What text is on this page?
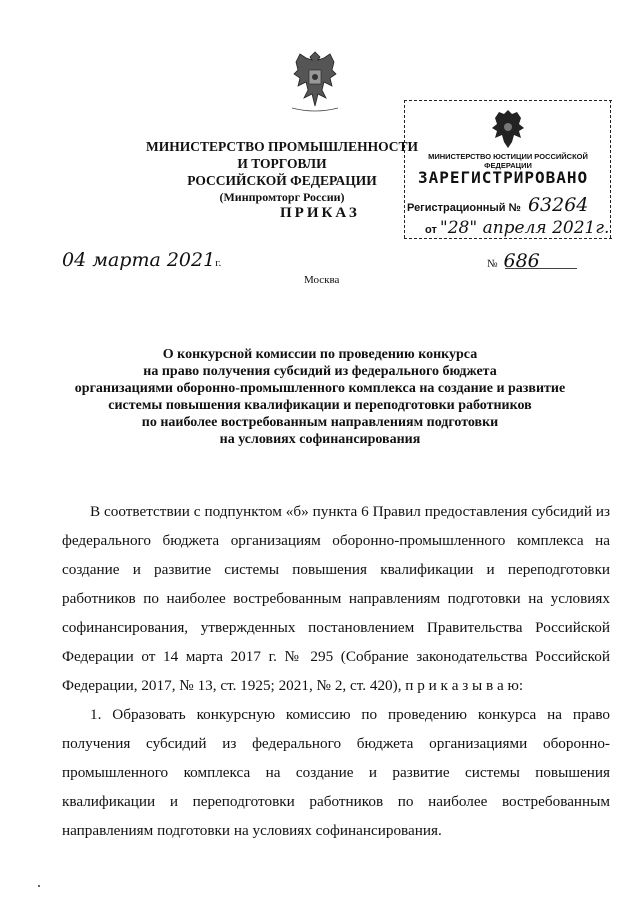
МИНИСТЕРСТВО ПРОМЫШЛЕННОСТИ И ТОРГОВЛИ
РОССИЙСКОЙ ФЕДЕРАЦИИ
(Минпромторг России)
ПРИКАЗ
МИНИСТЕРСТВО ЮСТИЦИИ РОССИЙСКОЙ ФЕДЕРАЦИИ
ЗАРЕГИСТРИРОВАНО
Регистрационный № 63264
от "28" апреля 2021г.
04 марта 2021г.	№ 686
Москва
О конкурсной комиссии по проведению конкурса
на право получения субсидий из федерального бюджета
организациями оборонно-промышленного комплекса на создание и развитие
системы повышения квалификации и переподготовки работников
по наиболее востребованным направлениям подготовки
на условиях софинансирования

В соответствии с подпунктом «б» пункта 6 Правил предоставления субсидий из федерального бюджета организациям оборонно-промышленного комплекса на создание и развитие системы повышения квалификации и переподготовки работников по наиболее востребованным направлениям подготовки на условиях софинансирования, утвержденных постановлением Правительства Российской Федерации от 14 марта 2017 г. № 295 (Собрание законодательства Российской Федерации, 2017, № 13, ст. 1925; 2021, № 2, ст. 420), п р и к а з ы в а ю:

1. Образовать конкурсную комиссию по проведению конкурса на право получения субсидий из федерального бюджета организациями оборонно-промышленного комплекса на создание и развитие системы повышения квалификации и переподготовки работников по наиболее востребованным направлениям подготовки на условиях софинансирования.
